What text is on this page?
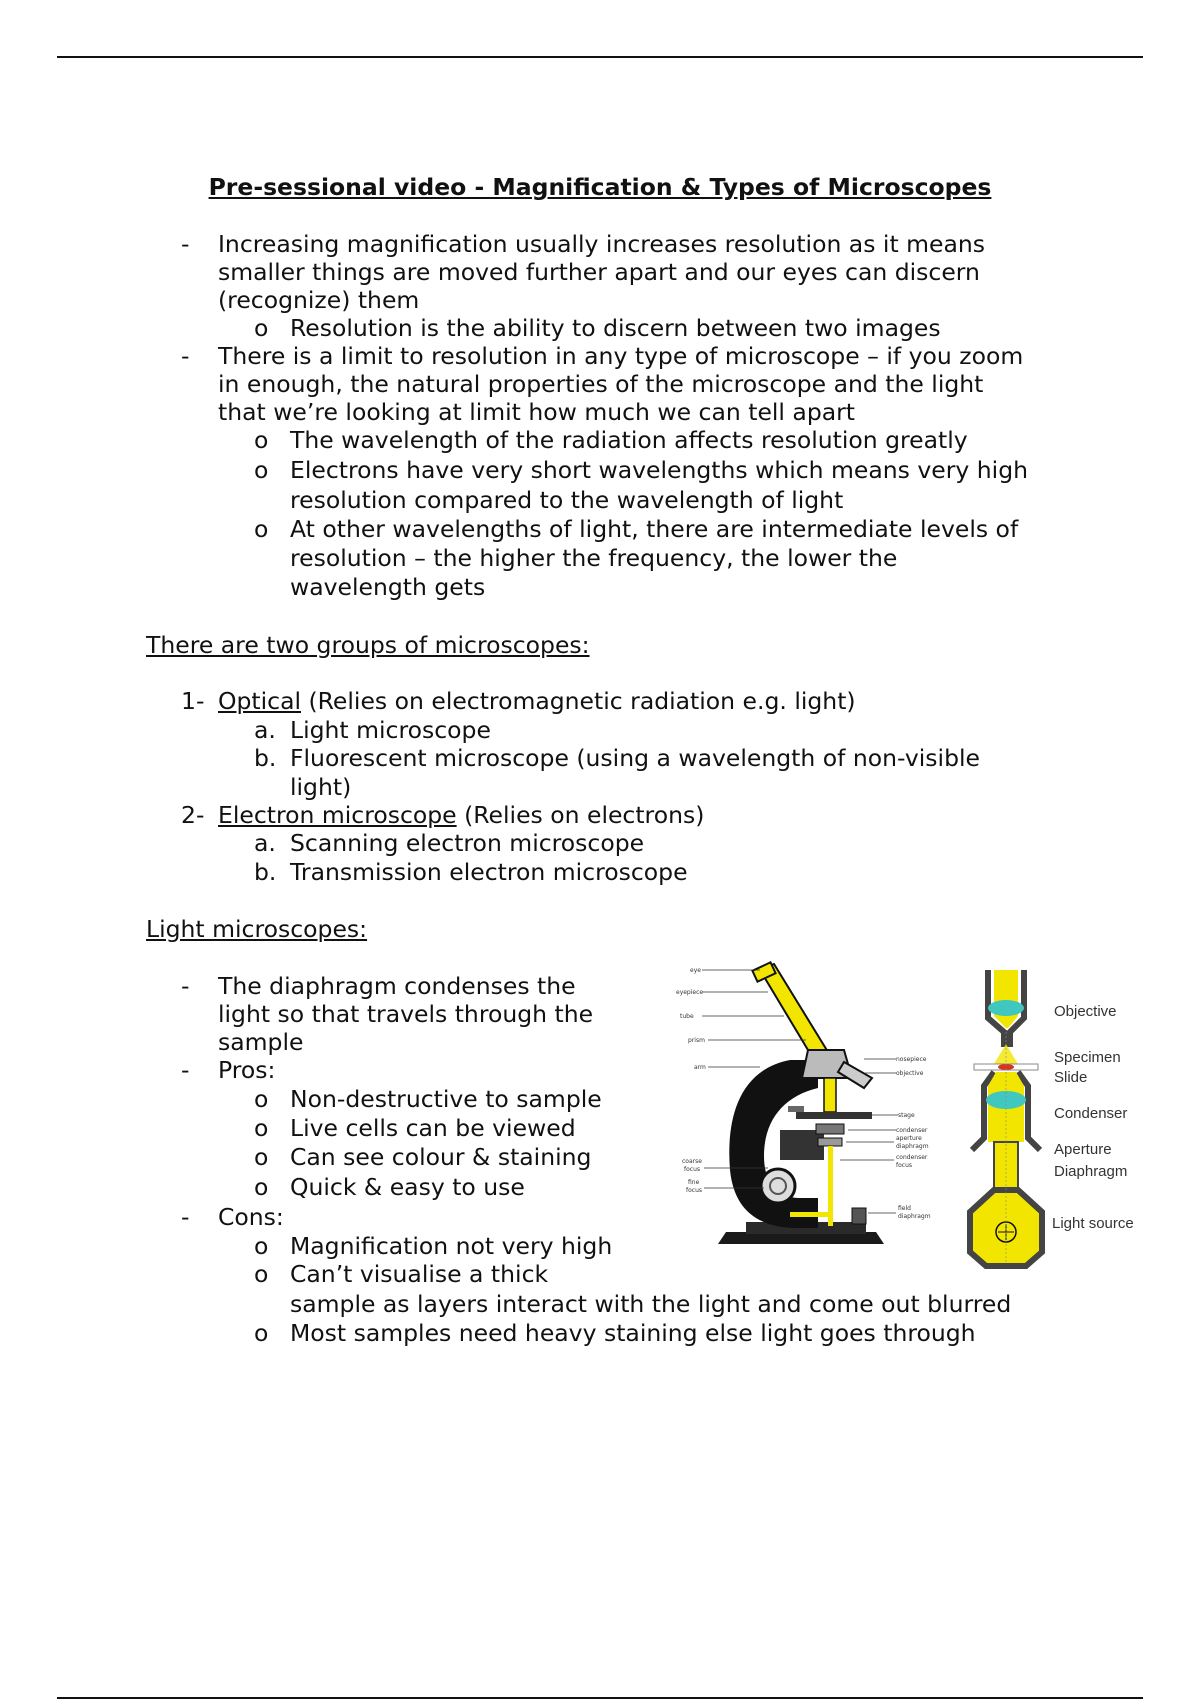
Pre-sessional video - Magnification & Types of Microscopes
- Increasing magnification usually increases resolution as it means
smaller things are moved further apart and our eyes can discern
(recognize) them
o Resolution is the ability to discern between two images
- There is a limit to resolution in any type of microscope – if you zoom
in enough, the natural properties of the microscope and the light
that we’re looking at limit how much we can tell apart
o The wavelength of the radiation affects resolution greatly
o Electrons have very short wavelengths which means very high
resolution compared to the wavelength of light
o At other wavelengths of light, there are intermediate levels of
resolution – the higher the frequency, the lower the
wavelength gets
There are two groups of microscopes:
1- Optical (Relies on electromagnetic radiation e.g. light)
a. Light microscope
b. Fluorescent microscope (using a wavelength of non-visible
light)
2- Electron microscope (Relies on electrons)
a. Scanning electron microscope
b. Transmission electron microscope
Light microscopes:
- The diaphragm condenses the
light so that travels through the
sample
- Pros:
o Non-destructive to sample
o Live cells can be viewed
o Can see colour & staining
o Quick & easy to use
- Cons:
o Magnification not very high
o Can’t visualise a thick
sample as layers interact with the light and come out blurred
o Most samples need heavy staining else light goes through
eye
eyepiece
tube
prism
arm
coarse
focus
fine
focus
nosepiece
objective
stage
condenser
aperture
diaphragm
condenser
focus
field
diaphragm
Objective
Specimen
Slide
Condenser
Aperture
Diaphragm
Light source
